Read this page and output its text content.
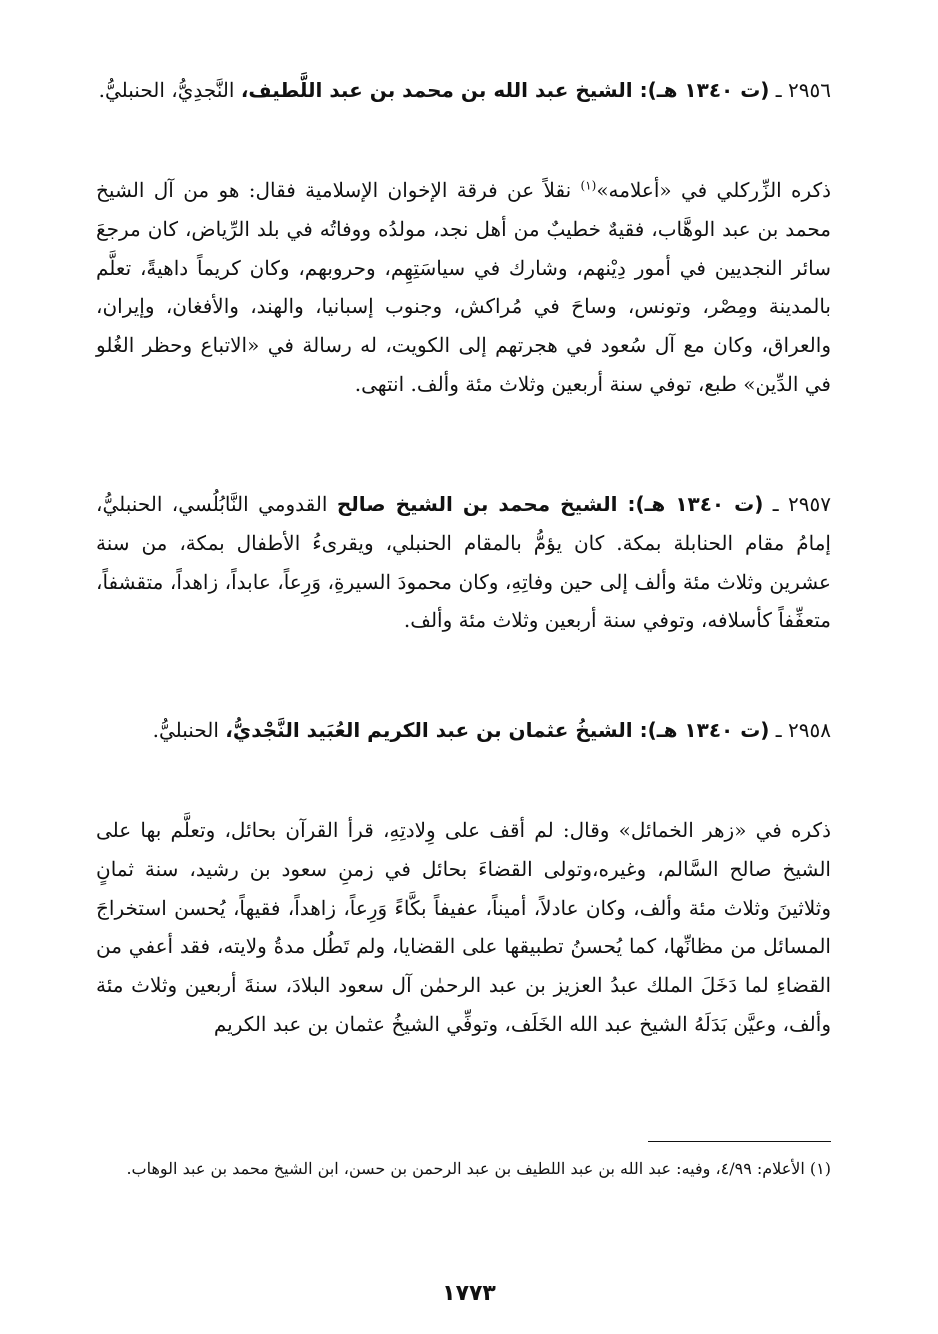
٢٩٥٦ ـ (ت ١٣٤٠ هـ): الشيخ عبد الله بن محمد بن عبد اللَّطيف، النَّجدِيُّ، الحنبليُّ.
ذكره الزِّركلي في «أعلامه»$^{(١)}$ نقلاً عن فرقة الإخوان الإسلامية فقال: هو من آل الشيخ محمد بن عبد الوهَّاب، فقيهٌ خطيبٌ من أهل نجد، مولدُه ووفاتُه في بلد الرِّياض، كان مرجعَ سائر النجديين في أمور دِيْنهم، وشارك في سياسَتِهِم، وحروبهم، وكان كريماً داهيةً، تعلَّم بالمدينة ومِصْر، وتونس، وساحَ في مُراكش، وجنوب إسبانيا، والهند، والأفغان، وإيران، والعراق، وكان مع آل سُعود في هجرتهم إلى الكويت، له رسالة في «الاتباع وحظر الغُلو في الدِّين» طبع، توفي سنة أربعين وثلاث مئة وألف. انتهى.
٢٩٥٧ ـ (ت ١٣٤٠ هـ): الشيخ محمد بن الشيخ صالح القدومي النَّابُلُسي، الحنبليُّ، إمامُ مقام الحنابلة بمكة. كان يؤمُّ بالمقام الحنبلي، ويقرىءُ الأطفال بمكة، من سنة عشرين وثلاث مئة وألف إلى حين وفاتِهِ، وكان محمودَ السيرةِ، وَرِعاً، عابداً، زاهداً، متقشفاً، متعفِّفاً كأسلافه، وتوفي سنة أربعين وثلاث مئة وألف.
٢٩٥٨ ـ (ت ١٣٤٠ هـ): الشيخُ عثمان بن عبد الكريم العُبَيد النَّجْديُّ، الحنبليُّ.
ذكره في «زهر الخمائل» وقال: لم أقف على وِلادتِهِ، قرأ القرآن بحائل، وتعلَّم بها على الشيخ صالح السَّالم، وغيره،وتولى القضاءَ بحائل في زمنِ سعود بن رشيد، سنة ثمانٍ وثلاثينَ وثلاث مئة وألف، وكان عادلاً، أميناً، عفيفاً بكَّاءً وَرِعاً، زاهداً، فقيهاً، يُحسن استخراجَ المسائل من مظانِّها، كما يُحسنُ تطبيقها على القضايا، ولم تَطُل مدةُ ولايته، فقد أعفي من القضاءِ لما دَخَلَ الملك عبدُ العزيز بن عبد الرحمٰن آل سعود البلادَ، سنةَ أربعين وثلاث مئة وألف، وعيَّن بَدَلَهُ الشيخ عبد الله الخَلَف، وتوفِّي الشيخُ عثمان بن عبد الكريم
(١) الأعلام: ٤/٩٩، وفيه: عبد الله بن عبد اللطيف بن عبد الرحمن بن حسن، ابن الشيخ محمد بن عبد الوهاب.
١٧٧٣
